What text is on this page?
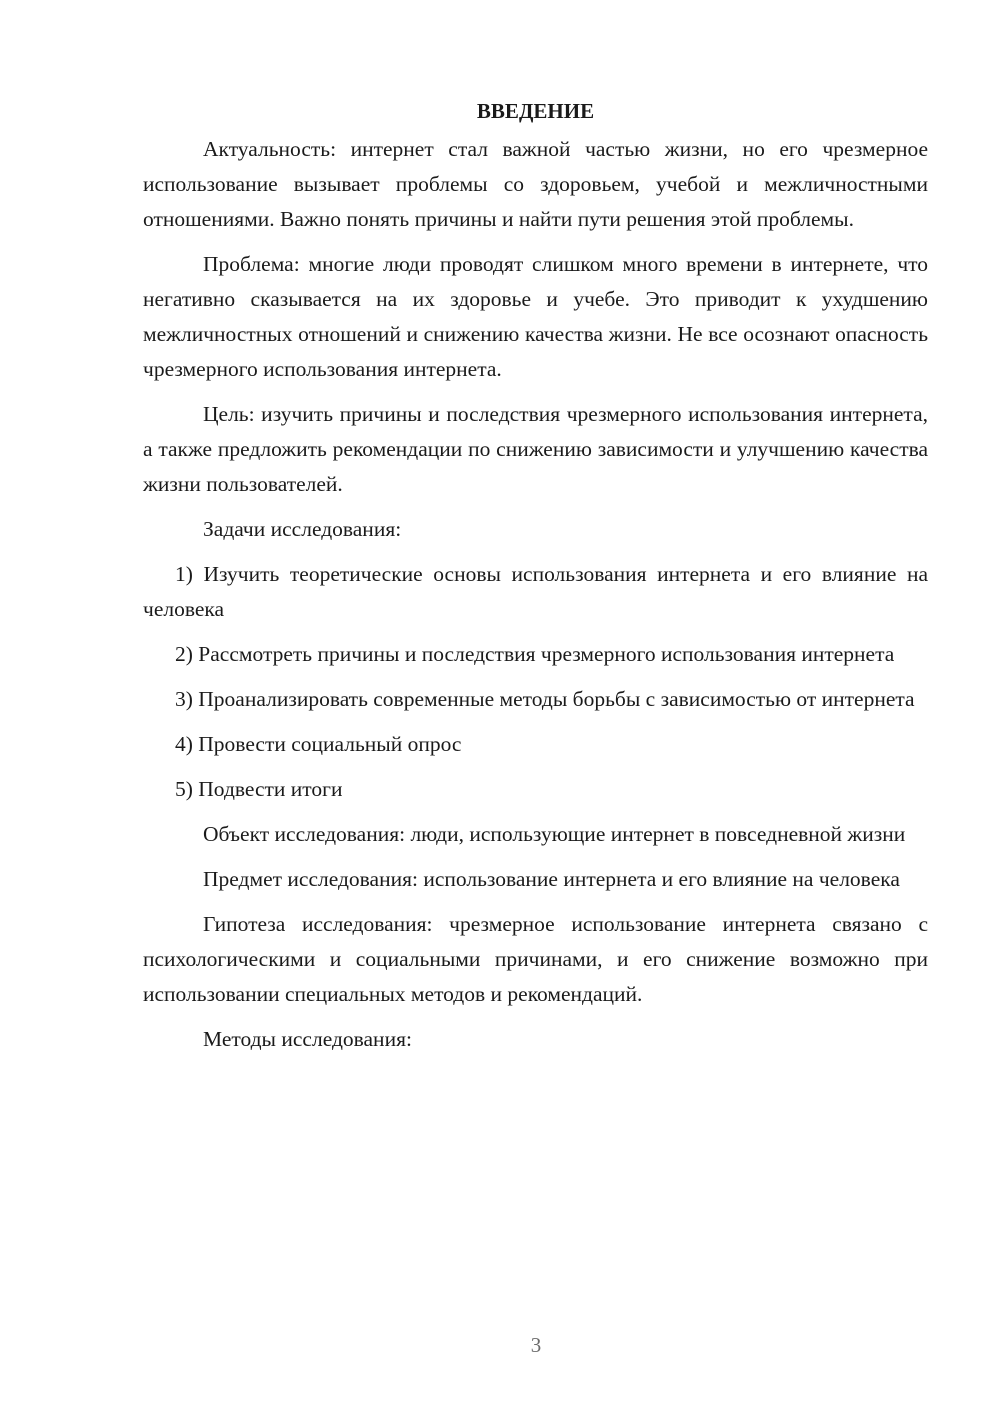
ВВЕДЕНИЕ

Актуальность: интернет стал важной частью жизни, но его чрезмерное использование вызывает проблемы со здоровьем, учебой и межличностными отношениями. Важно понять причины и найти пути решения этой проблемы.

Проблема: многие люди проводят слишком много времени в интернете, что негативно сказывается на их здоровье и учебе. Это приводит к ухудшению межличностных отношений и снижению качества жизни. Не все осознают опасность чрезмерного использования интернета.

Цель: изучить причины и последствия чрезмерного использования интернета, а также предложить рекомендации по снижению зависимости и улучшению качества жизни пользователей.

Задачи исследования:

1) Изучить теоретические основы использования интернета и его влияние на человека

2) Рассмотреть причины и последствия чрезмерного использования интернета

3) Проанализировать современные методы борьбы с зависимостью от интернета

4) Провести социальный опрос

5) Подвести итоги

Объект исследования: люди, использующие интернет в повседневной жизни

Предмет исследования: использование интернета и его влияние на человека

Гипотеза исследования: чрезмерное использование интернета связано с психологическими и социальными причинами, и его снижение возможно при использовании специальных методов и рекомендаций.

Методы исследования:

3
